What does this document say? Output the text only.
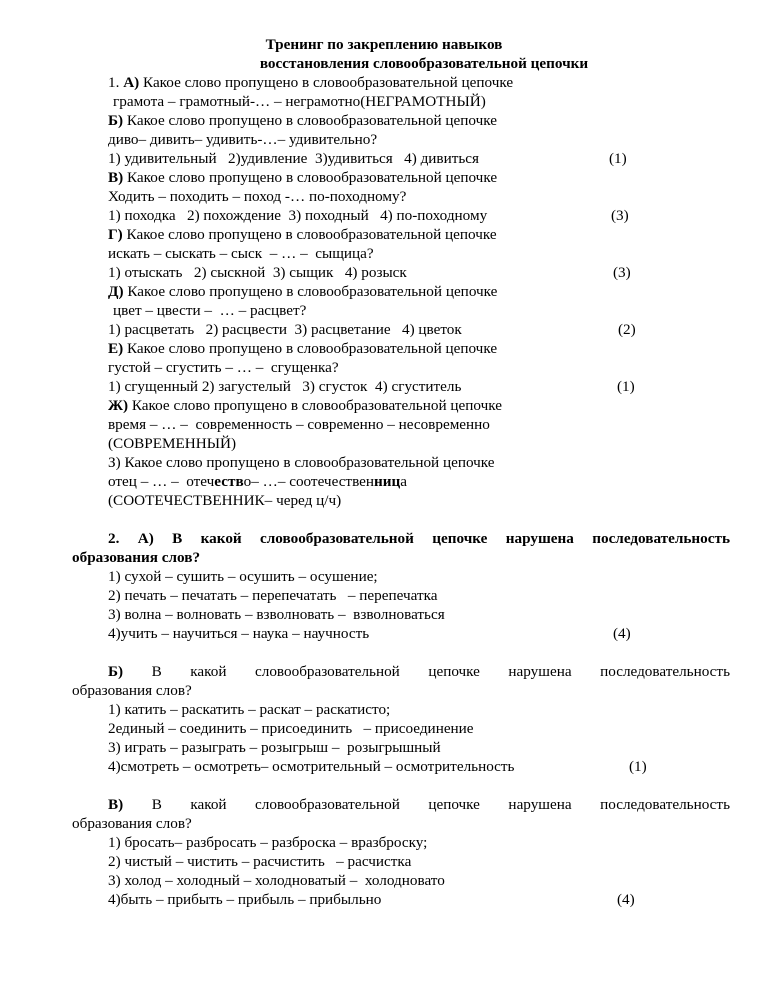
Тренинг по закреплению навыков
восстановления словообразовательной цепочки
1. А) Какое слово пропущено в словообразовательной цепочке
грамота – грамотный-… – неграмотно(НЕГРАМОТНЫЙ)
Б) Какое слово пропущено в словообразовательной цепочке
диво– дивить– удивить-…– удивительно?
1) удивительный   2)удивление  3)удивиться   4) дивиться	(1)
В) Какое слово пропущено в словообразовательной цепочке
Ходить – походить – поход -… по-походному?
1) походка   2) похождение  3) походный   4) по-походному	(3)
Г) Какое слово пропущено в словообразовательной цепочке
искать – сыскать – сыск  – … –  сыщица?
1) отыскать   2) сыскной  3) сыщик   4) розыск	(3)
Д) Какое слово пропущено в словообразовательной цепочке
цвет – цвести –  … – расцвет?
1) расцветать   2) расцвести  3) расцветание   4) цветок	(2)
Е) Какое слово пропущено в словообразовательной цепочке
густой – сгустить – … –  сгущенка?
1) сгущенный 2) загустелый   3) сгусток  4) сгуститель	(1)
Ж) Какое слово пропущено в словообразовательной цепочке
время – … –  современность – современно – несовременно
(СОВРЕМЕННЫЙ)
З) Какое слово пропущено в словообразовательной цепочке
отец – … –  отечество– …– соотечественница
(СООТЕЧЕСТВЕННИК– черед ц/ч)
2. А) В какой словообразовательной цепочке нарушена последовательность
образования слов?
1) сухой – сушить – осушить – осушение;
2) печать – печатать – перепечатать   – перепечатка
3) волна – волновать – взволновать –  взволноваться
4)учить – научиться – наука – научность	(4)
Б) В какой словообразовательной цепочке нарушена последовательность
образования слов?
1) катить – раскатить – раскат – раскатисто;
2единый – соединить – присоединить   – присоединение
3) играть – разыграть – розыгрыш –  розыгрышный
4)смотреть – осмотреть– осмотрительный – осмотрительность	(1)
В) В какой словообразовательной цепочке нарушена последовательность
образования слов?
1) бросать– разбросать – разброска – вразброску;
2) чистый – чистить – расчистить   – расчистка
3) холод – холодный – холодноватый –  холодновато
4)быть – прибыть – прибыль – прибыльно	(4)
